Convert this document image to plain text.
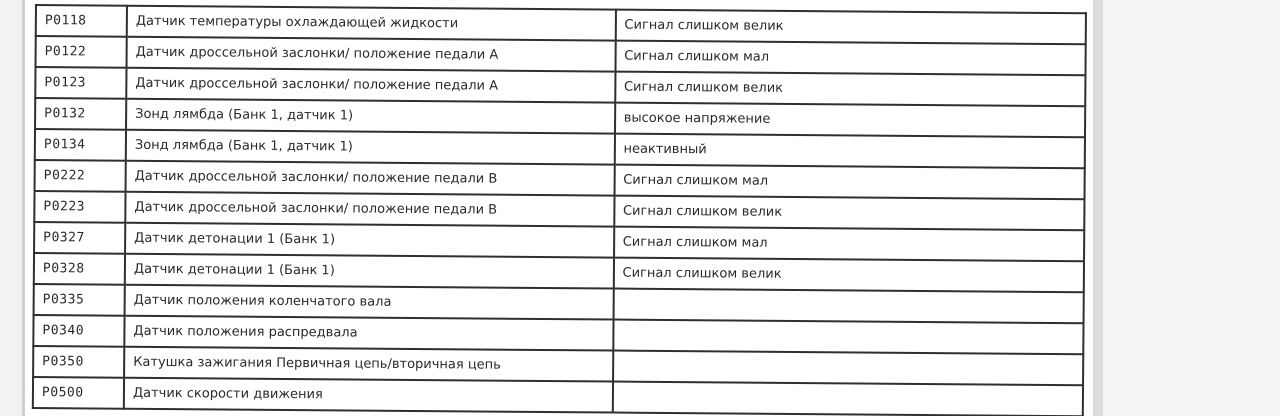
P0118	Датчик температуры охлаждающей жидкости	Сигнал слишком велик
P0122	Датчик дроссельной заслонки/ положение педали A	Сигнал слишком мал
P0123	Датчик дроссельной заслонки/ положение педали A	Сигнал слишком велик
P0132	Зонд лямбда (Банк 1, датчик 1)	высокое напряжение
P0134	Зонд лямбда (Банк 1, датчик 1)	неактивный
P0222	Датчик дроссельной заслонки/ положение педали B	Сигнал слишком мал
P0223	Датчик дроссельной заслонки/ положение педали B	Сигнал слишком велик
P0327	Датчик детонации 1 (Банк 1)	Сигнал слишком мал
P0328	Датчик детонации 1 (Банк 1)	Сигнал слишком велик
P0335	Датчик положения коленчатого вала	
P0340	Датчик положения распредвала	
P0350	Катушка зажигания Первичная цепь/вторичная цепь	
P0500	Датчик скорости движения	
